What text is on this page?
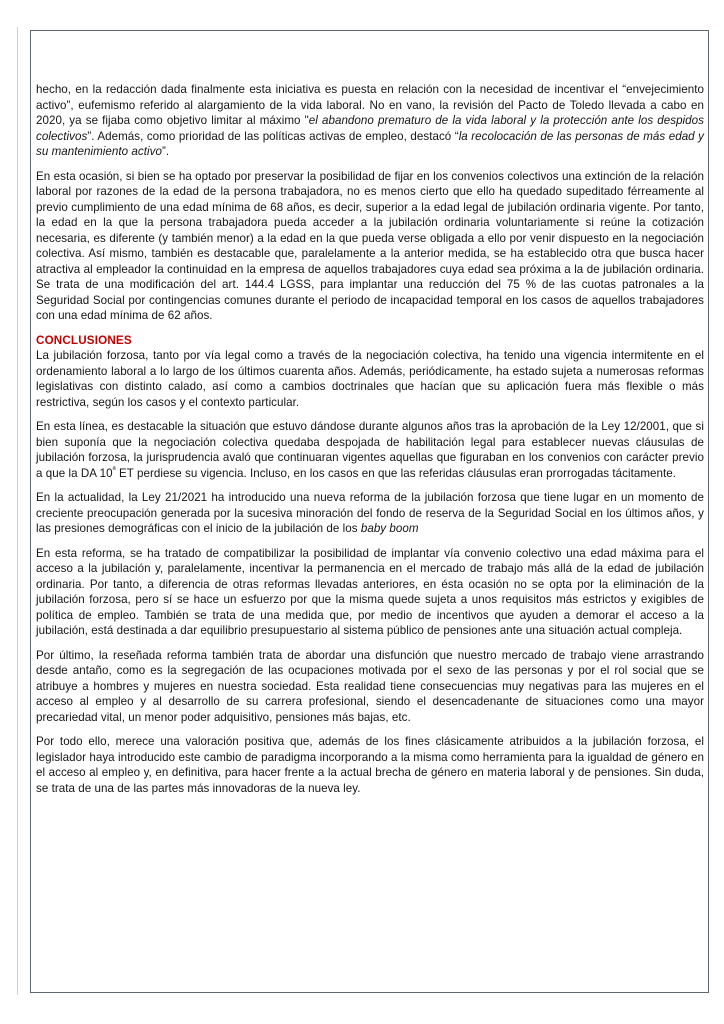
hecho, en la redacción dada finalmente esta iniciativa es puesta en relación con la necesidad de incentivar el “envejecimiento activo”, eufemismo referido al alargamiento de la vida laboral. No en vano, la revisión del Pacto de Toledo llevada a cabo en 2020, ya se fijaba como objetivo limitar al máximo "el abandono prematuro de la vida laboral y la protección ante los despidos colectivos”. Además, como prioridad de las políticas activas de empleo, destacó “la recolocación de las personas de más edad y su mantenimiento activo”.

En esta ocasión, si bien se ha optado por preservar la posibilidad de fijar en los convenios colectivos una extinción de la relación laboral por razones de la edad de la persona trabajadora, no es menos cierto que ello ha quedado supeditado férreamente al previo cumplimiento de una edad mínima de 68 años, es decir, superior a la edad legal de jubilación ordinaria vigente. Por tanto, la edad en la que la persona trabajadora pueda acceder a la jubilación ordinaria voluntariamente si reúne la cotización necesaria, es diferente (y también menor) a la edad en la que pueda verse obligada a ello por venir dispuesto en la negociación colectiva. Así mismo, también es destacable que, paralelamente a la anterior medida, se ha establecido otra que busca hacer atractiva al empleador la continuidad en la empresa de aquellos trabajadores cuya edad sea próxima a la de jubilación ordinaria. Se trata de una modificación del art. 144.4 LGSS, para implantar una reducción del 75 % de las cuotas patronales a la Seguridad Social por contingencias comunes durante el periodo de incapacidad temporal en los casos de aquellos trabajadores con una edad mínima de 62 años.

CONCLUSIONES

La jubilación forzosa, tanto por vía legal como a través de la negociación colectiva, ha tenido una vigencia intermitente en el ordenamiento laboral a lo largo de los últimos cuarenta años. Además, periódicamente, ha estado sujeta a numerosas reformas legislativas con distinto calado, así como a cambios doctrinales que hacían que su aplicación fuera más flexible o más restrictiva, según los casos y el contexto particular.

En esta línea, es destacable la situación que estuvo dándose durante algunos años tras la aprobación de la Ley 12/2001, que si bien suponía que la negociación colectiva quedaba despojada de habilitación legal para establecer nuevas cláusulas de jubilación forzosa, la jurisprudencia avaló que continuaran vigentes aquellas que figuraban en los convenios con carácter previo a que la DA $10^ª$ ET perdiese su vigencia. Incluso, en los casos en que las referidas cláusulas eran prorrogadas tácitamente.

En la actualidad, la Ley 21/2021 ha introducido una nueva reforma de la jubilación forzosa que tiene lugar en un momento de creciente preocupación generada por la sucesiva minoración del fondo de reserva de la Seguridad Social en los últimos años, y las presiones demográficas con el inicio de la jubilación de los baby boom

En esta reforma, se ha tratado de compatibilizar la posibilidad de implantar vía convenio colectivo una edad máxima para el acceso a la jubilación y, paralelamente, incentivar la permanencia en el mercado de trabajo más allá de la edad de jubilación ordinaria. Por tanto, a diferencia de otras reformas llevadas anteriores, en ésta ocasión no se opta por la eliminación de la jubilación forzosa, pero sí se hace un esfuerzo por que la misma quede sujeta a unos requisitos más estrictos y exigibles de política de empleo. También se trata de una medida que, por medio de incentivos que ayuden a demorar el acceso a la jubilación, está destinada a dar equilibrio presupuestario al sistema público de pensiones ante una situación actual compleja.

Por último, la reseñada reforma también trata de abordar una disfunción que nuestro mercado de trabajo viene arrastrando desde antaño, como es la segregación de las ocupaciones motivada por el sexo de las personas y por el rol social que se atribuye a hombres y mujeres en nuestra sociedad. Esta realidad tiene consecuencias muy negativas para las mujeres en el acceso al empleo y al desarrollo de su carrera profesional, siendo el desencadenante de situaciones como una mayor precariedad vital, un menor poder adquisitivo, pensiones más bajas, etc.

Por todo ello, merece una valoración positiva que, además de los fines clásicamente atribuidos a la jubilación forzosa, el legislador haya introducido este cambio de paradigma incorporando a la misma como herramienta para la igualdad de género en el acceso al empleo y, en definitiva, para hacer frente a la actual brecha de género en materia laboral y de pensiones. Sin duda, se trata de una de las partes más innovadoras de la nueva ley.
